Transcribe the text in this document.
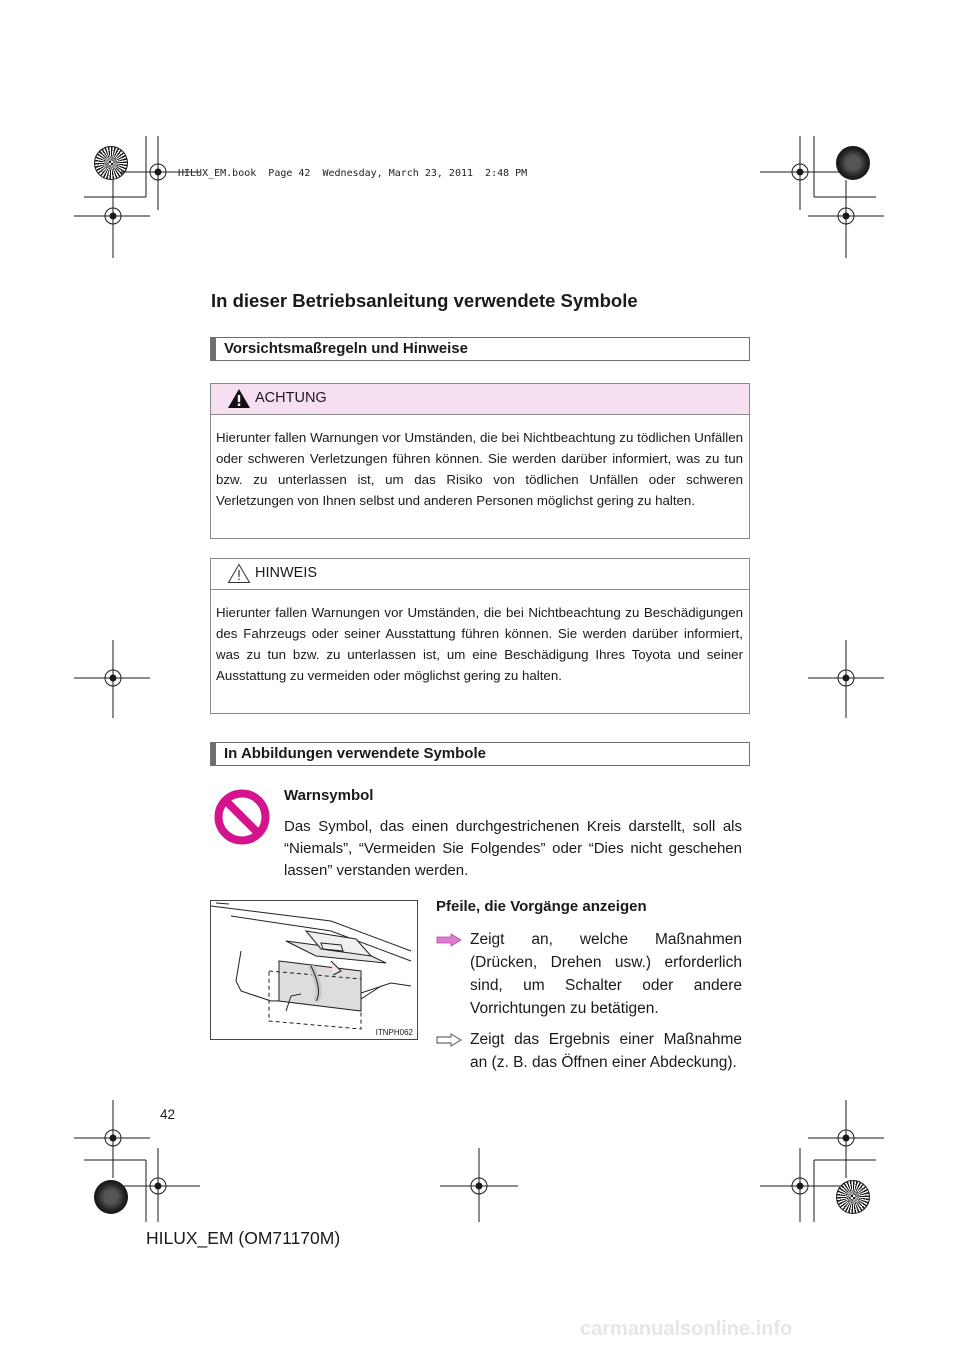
HILUX_EM.book  Page 42  Wednesday, March 23, 2011  2:48 PM
In dieser Betriebsanleitung verwendete Symbole
Vorsichtsmaßregeln und Hinweise
ACHTUNG
Hierunter fallen Warnungen vor Umständen, die bei Nichtbeachtung zu tödlichen Unfällen oder schweren Verletzungen führen können. Sie werden darüber informiert, was zu tun bzw. zu unterlassen ist, um das Risiko von tödlichen Unfällen oder schweren Verletzungen von Ihnen selbst und anderen Personen möglichst gering zu halten.
HINWEIS
Hierunter fallen Warnungen vor Umständen, die bei Nichtbeachtung zu Beschädigungen des Fahrzeugs oder seiner Ausstattung führen können. Sie werden darüber informiert, was zu tun bzw. zu unterlassen ist, um eine Beschädigung Ihres Toyota und seiner Ausstattung zu vermeiden oder möglichst gering zu halten.
In Abbildungen verwendete Symbole
Warnsymbol
Das Symbol, das einen durchgestrichenen Kreis darstellt, soll als “Niemals”, “Vermeiden Sie Folgendes” oder “Dies nicht geschehen lassen” verstanden werden.
ITNPH062
Pfeile, die Vorgänge anzeigen
Zeigt an, welche Maßnahmen (Drücken, Drehen usw.) erforderlich sind, um Schalter oder andere Vorrichtungen zu betätigen.
Zeigt das Ergebnis einer Maßnahme an (z. B. das Öffnen einer Abdeckung).
42
HILUX_EM (OM71170M)
carmanualsonline.info
